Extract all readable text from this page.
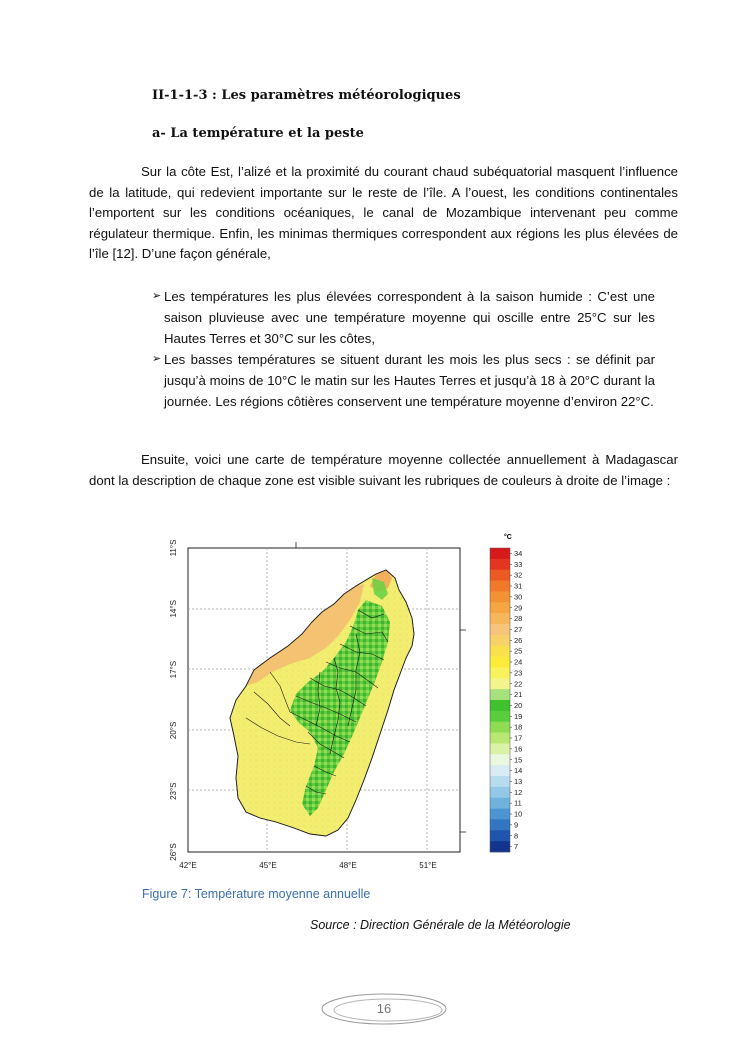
II-1-1-3 : Les paramètres météorologiques
a- La température et la peste

Sur la côte Est, l’alizé et la proximité du courant chaud subéquatorial masquent l’influence de la latitude, qui redevient importante sur le reste de l’île. A l’ouest, les conditions continentales l’emportent sur les conditions océaniques, le canal de Mozambique intervenant peu comme régulateur thermique. Enfin, les minimas thermiques correspondent aux régions les plus élevées de l’île [12]. D’une façon générale,

➢ Les températures les plus élevées correspondent à la saison humide : C’est une saison pluvieuse avec une température moyenne qui oscille entre 25°C sur les Hautes Terres et 30°C sur les côtes,
➢ Les basses températures se situent durant les mois les plus secs : se définit par jusqu’à moins de 10°C le matin sur les Hautes Terres et jusqu’à 18 à 20°C durant la journée. Les régions côtières conservent une température moyenne d’environ 22°C.

Ensuite, voici une carte de température moyenne collectée annuellement à Madagascar dont la description de chaque zone est visible suivant les rubriques de couleurs à droite de l’image :

11°S
14°S
17°S
20°S
23°S
26°S
42°E	45°E	48°E	51°E
°C
34
33
32
31
30
29
28
27
26
25
24
23
22
21
20
19
18
17
16
15
14
13
12
11
10
9
8
7
Figure 7: Température moyenne annuelle
Source : Direction Générale de la Météorologie
16
